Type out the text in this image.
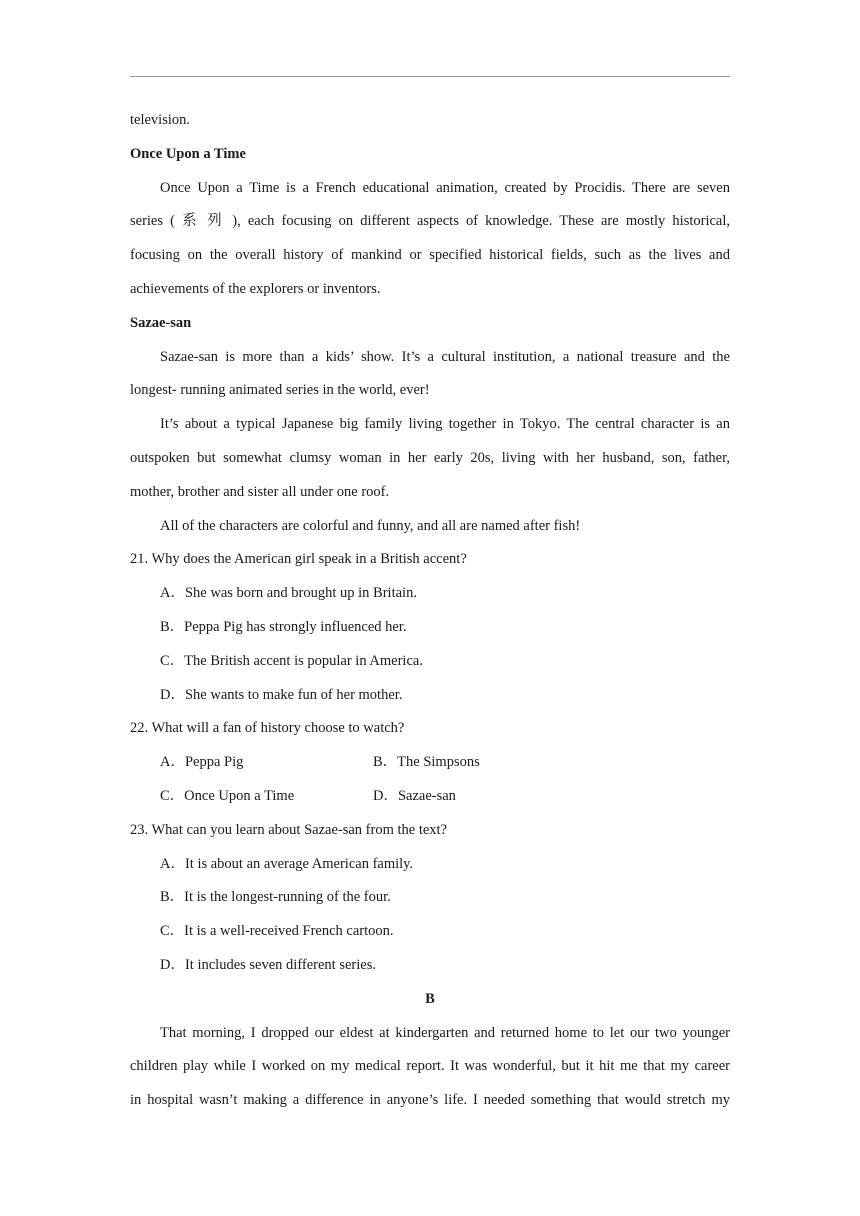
television.
Once Upon a Time
Once Upon a Time is a French educational animation, created by Procidis. There are seven
series ( 系 列 ), each focusing on different aspects of knowledge. These are mostly historical,
focusing on the overall history of mankind or specified historical fields, such as the lives and
achievements of the explorers or inventors.
Sazae-san
Sazae-san is more than a kids’ show. It’s a cultural institution, a national treasure and the
longest- running animated series in the world, ever!
It’s about a typical Japanese big family living together in Tokyo. The central character is an
outspoken but somewhat clumsy woman in her early 20s, living with her husband, son, father,
mother, brother and sister all under one roof.
All of the characters are colorful and funny, and all are named after fish!
21. Why does the American girl speak in a British accent?
A．She was born and brought up in Britain.
B．Peppa Pig has strongly influenced her.
C．The British accent is popular in America.
D．She wants to make fun of her mother.
22. What will a fan of history choose to watch?
A．Peppa Pig	B．The Simpsons
C．Once Upon a Time	D．Sazae-san
23. What can you learn about Sazae-san from the text?
A．It is about an average American family.
B．It is the longest-running of the four.
C．It is a well-received French cartoon.
D．It includes seven different series.
B
That morning, I dropped our eldest at kindergarten and returned home to let our two younger
children play while I worked on my medical report. It was wonderful, but it hit me that my career
in hospital wasn’t making a difference in anyone’s life. I needed something that would stretch my
